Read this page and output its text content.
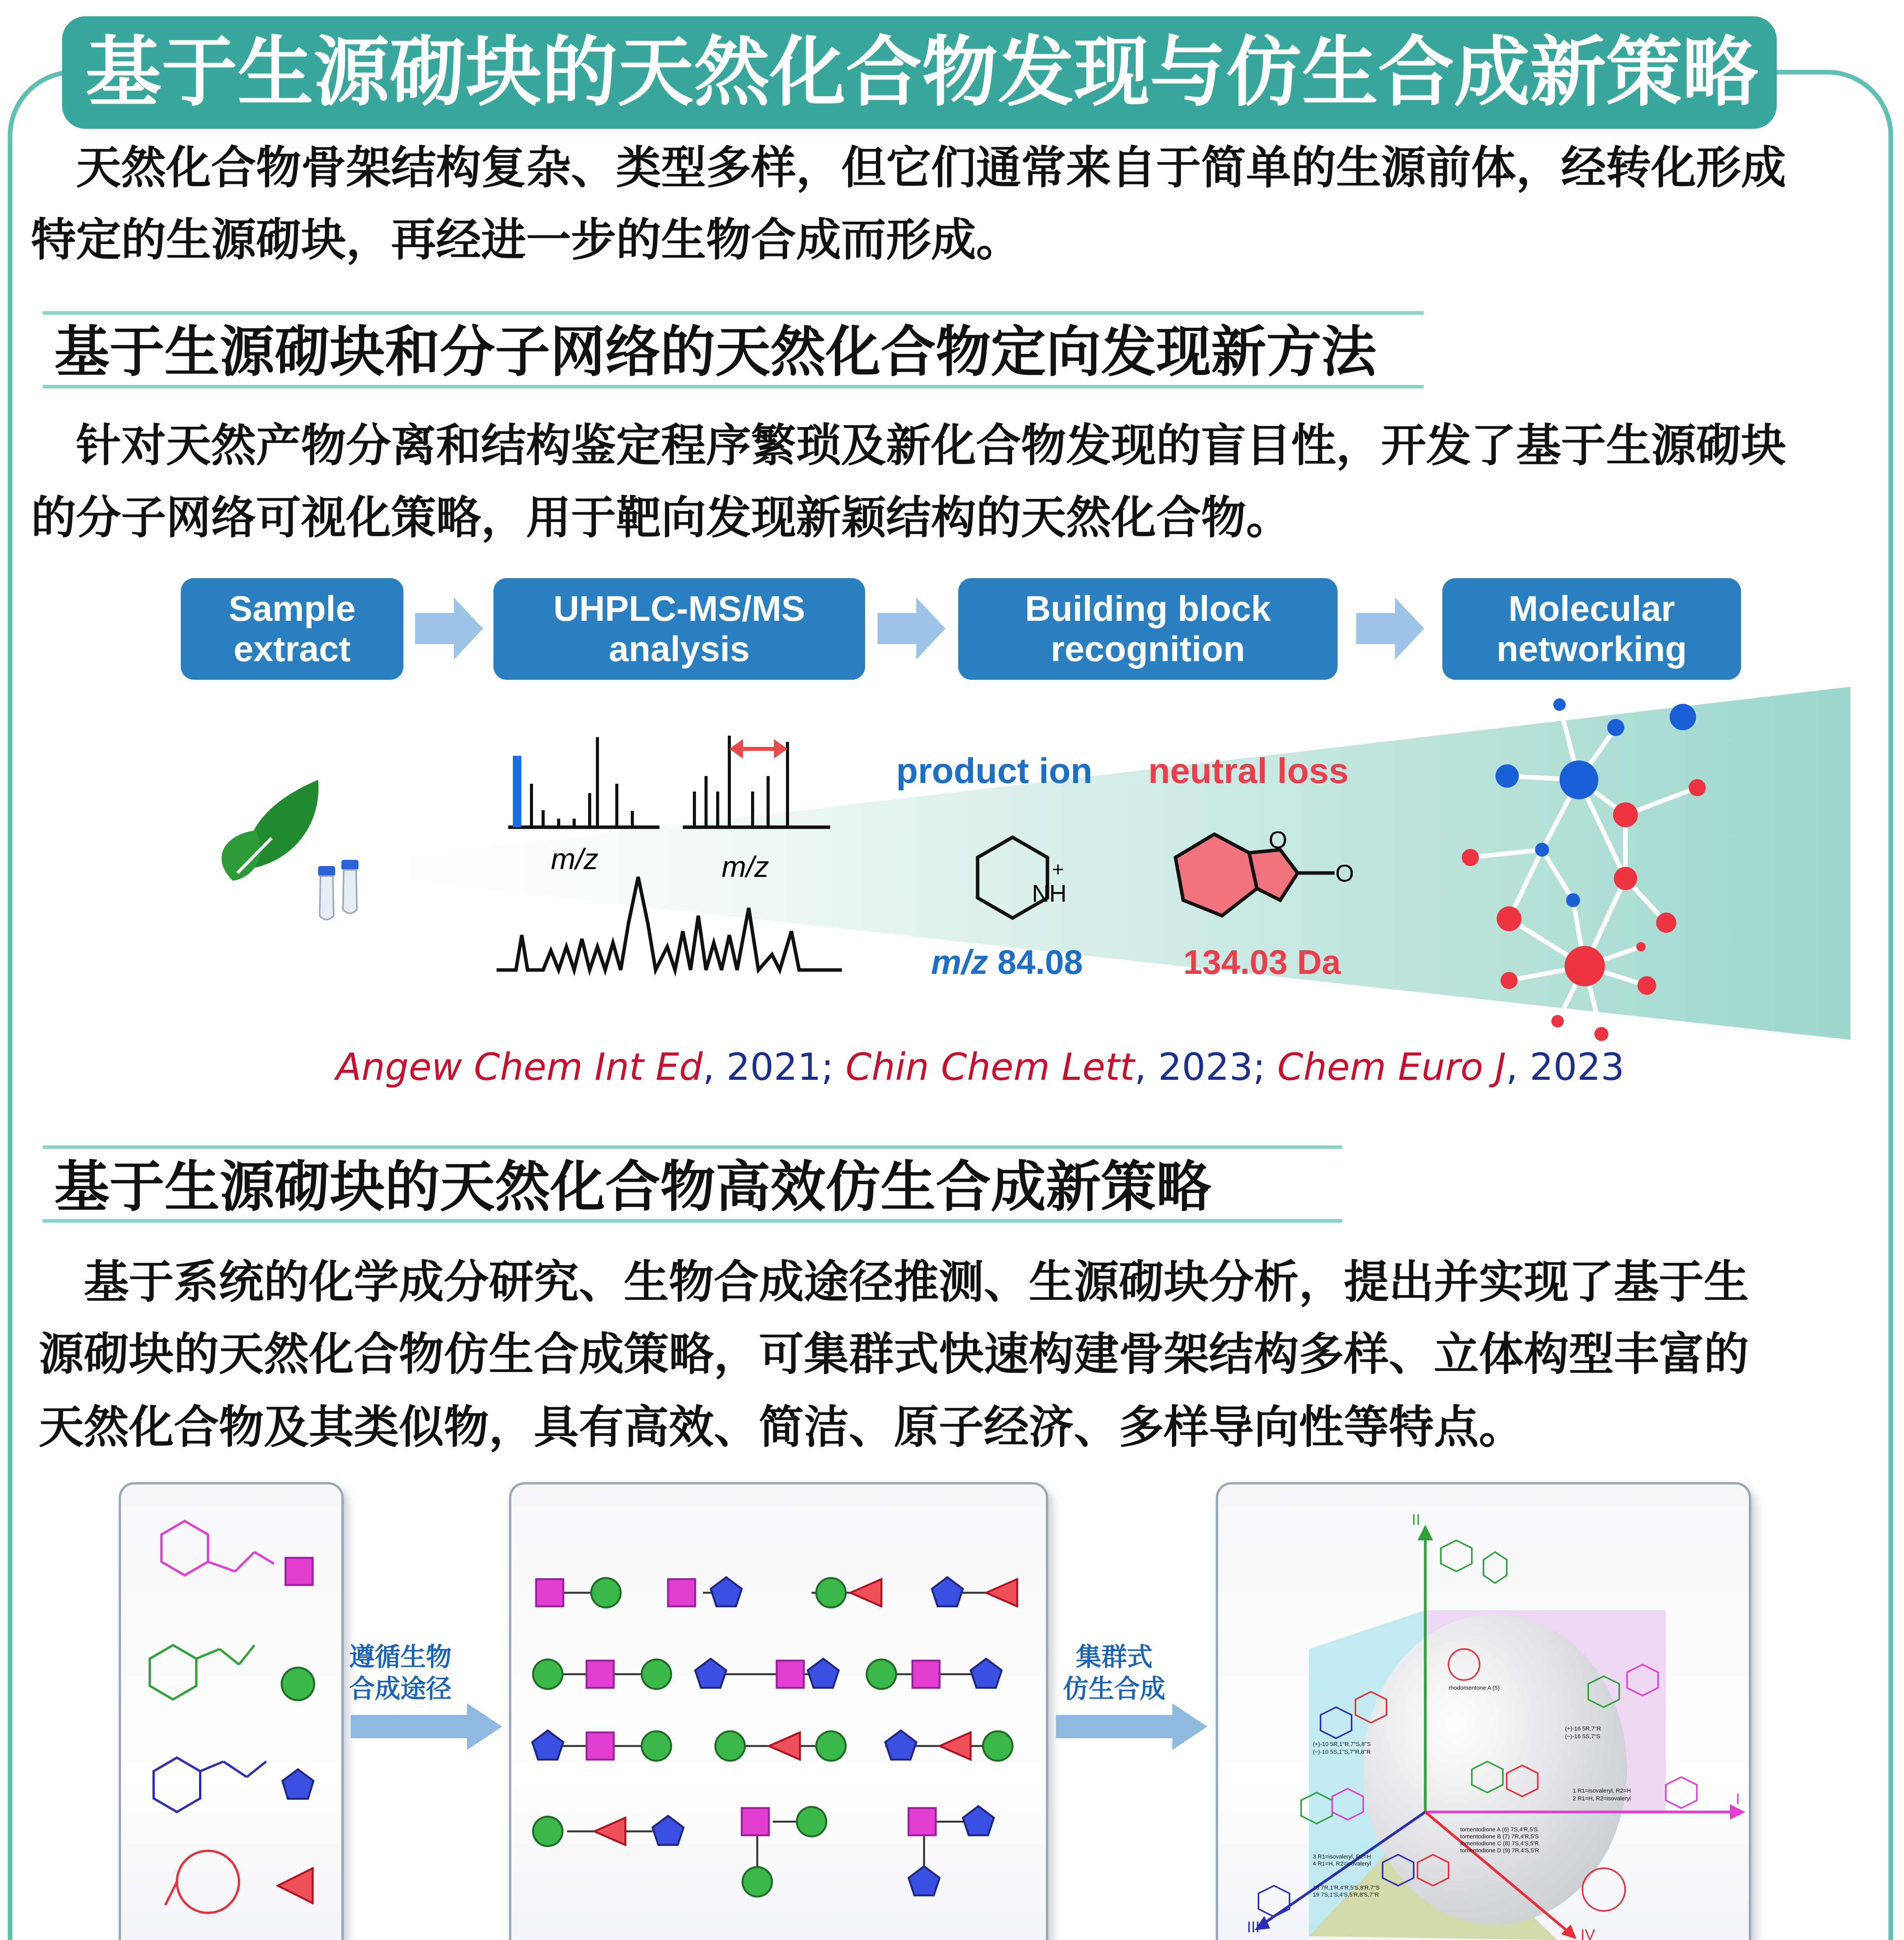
基于生源砌块的天然化合物发现与仿生合成新策略
　天然化合物骨架结构复杂、类型多样，但它们通常来自于简单的生源前体，经转化形成
特定的生源砌块，再经进一步的生物合成而形成。
基于生源砌块和分子网络的天然化合物定向发现新方法
　针对天然产物分离和结构鉴定程序繁琐及新化合物发现的盲目性，开发了基于生源砌块
的分子网络可视化策略，用于靶向发现新颖结构的天然化合物。
Sample
extract
UHPLC-MS/MS
analysis
Building block
recognition
Molecular
networking
m/z	m/z
product ion
NH
+
m/z 84.08
neutral loss
O
O
134.03 Da
Angew Chem Int Ed, 2021; Chin Chem Lett, 2023; Chem Euro J, 2023
基于生源砌块的天然化合物高效仿生合成新策略
　基于系统的化学成分研究、生物合成途径推测、生源砌块分析，提出并实现了基于生
源砌块的天然化合物仿生合成策略，可集群式快速构建骨架结构多样、立体构型丰富的
天然化合物及其类似物，具有高效、简洁、原子经济、多样导向性等特点。
遵循生物
合成途径
集群式
仿生合成
II
I
III	IV
rhodomentone A (5)
(+)-10 5R,1''R,7''S,8''S
(−)-10 5S,1''S,7''R,8''R
(+)-16 5R,7''R
(−)-16 5S,7''S
1 R1=isovaleryl, R2=H
2 R1=H, R2=isovaleryl
tomentodione A (6) 7S,4'R,5'S
tomentodione B (7) 7R,4'R,5'S
tomentodione C (8) 7S,4'S,5'R
tomentodione D (9) 7R,4'S,5'R
3 R1=isovaleryl, R2=H
4 R1=H, R2=isovaleryl
18 7R,1'R,4'R,5'S,8'R,7''S
19 7S,1'S,4'S,5'R,8'S,7''R
